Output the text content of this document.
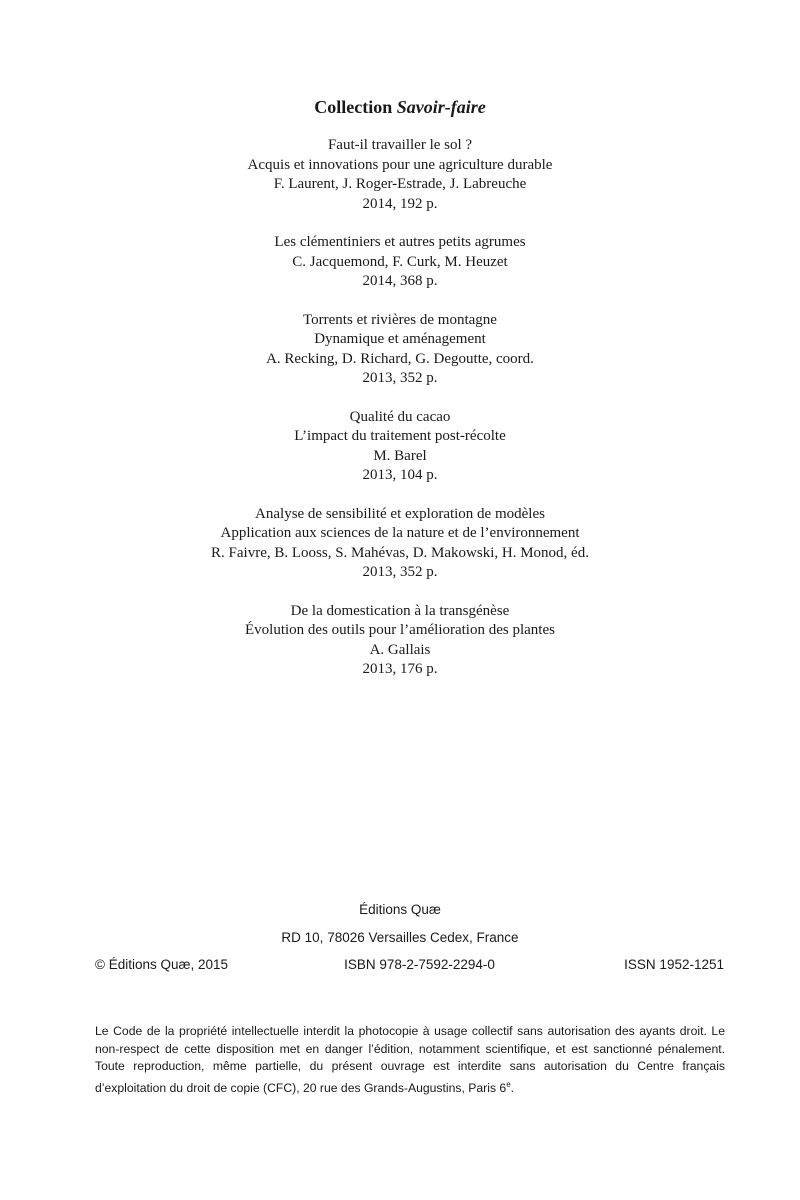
Collection Savoir-faire
Faut-il travailler le sol ?
Acquis et innovations pour une agriculture durable
F. Laurent, J. Roger-Estrade, J. Labreuche
2014, 192 p.
Les clémentiniers et autres petits agrumes
C. Jacquemond, F. Curk, M. Heuzet
2014, 368 p.
Torrents et rivières de montagne
Dynamique et aménagement
A. Recking, D. Richard, G. Degoutte, coord.
2013, 352 p.
Qualité du cacao
L’impact du traitement post-récolte
M. Barel
2013, 104 p.
Analyse de sensibilité et exploration de modèles
Application aux sciences de la nature et de l’environnement
R. Faivre, B. Looss, S. Mahévas, D. Makowski, H. Monod, éd.
2013, 352 p.
De la domestication à la transgénèse
Évolution des outils pour l’amélioration des plantes
A. Gallais
2013, 176 p.
Éditions Quæ
RD 10, 78026 Versailles Cedex, France
© Éditions Quæ, 2015	ISBN 978-2-7592-2294-0	ISSN 1952-1251

Le Code de la propriété intellectuelle interdit la photocopie à usage collectif sans autorisation des ayants droit. Le non-respect de cette disposition met en danger l’édition, notamment scientifique, et est sanctionné pénalement. Toute reproduction, même partielle, du présent ouvrage est interdite sans autorisation du Centre français d’exploitation du droit de copie (CFC), 20 rue des Grands-Augustins, Paris 6e.
